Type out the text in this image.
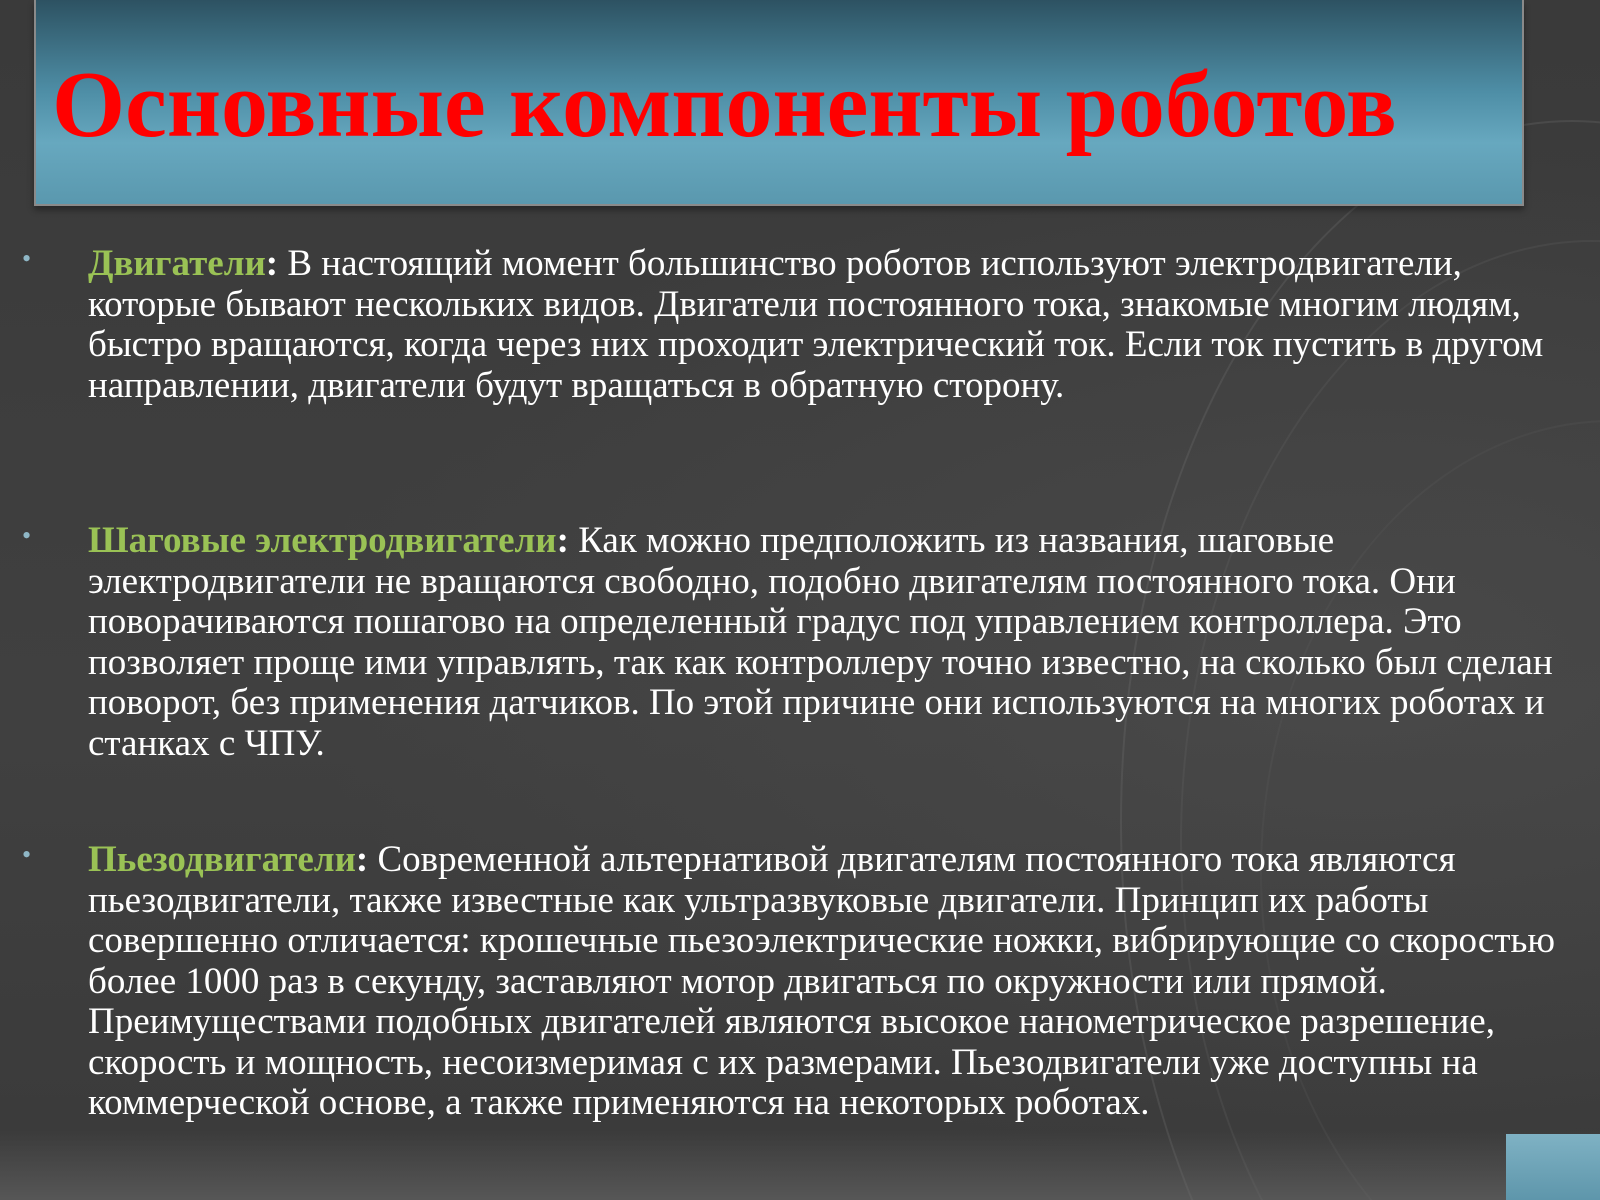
Основные компоненты роботов
• Двигатели: В настоящий момент большинство роботов используют электродвигатели, которые бывают нескольких видов. Двигатели постоянного тока, знакомые многим людям, быстро вращаются, когда через них проходит электрический ток. Если ток пустить в другом направлении, двигатели будут вращаться в обратную сторону.
• Шаговые электродвигатели: Как можно предположить из названия, шаговые электродвигатели не вращаются свободно, подобно двигателям постоянного тока. Они поворачиваются пошагово на определенный градус под управлением контроллера. Это позволяет проще ими управлять, так как контроллеру точно известно, на сколько был сделан поворот, без применения датчиков. По этой причине они используются на многих роботах и станках с ЧПУ.
• Пьезодвигатели: Современной альтернативой двигателям постоянного тока являются пьезодвигатели, также известные как ультразвуковые двигатели. Принцип их работы совершенно отличается: крошечные пьезоэлектрические ножки, вибрирующие со скоростью более 1000 раз в секунду, заставляют мотор двигаться по окружности или прямой. Преимуществами подобных двигателей являются высокое нанометрическое разрешение, скорость и мощность, несоизмеримая с их размерами. Пьезодвигатели уже доступны на коммерческой основе, а также применяются на некоторых роботах.
